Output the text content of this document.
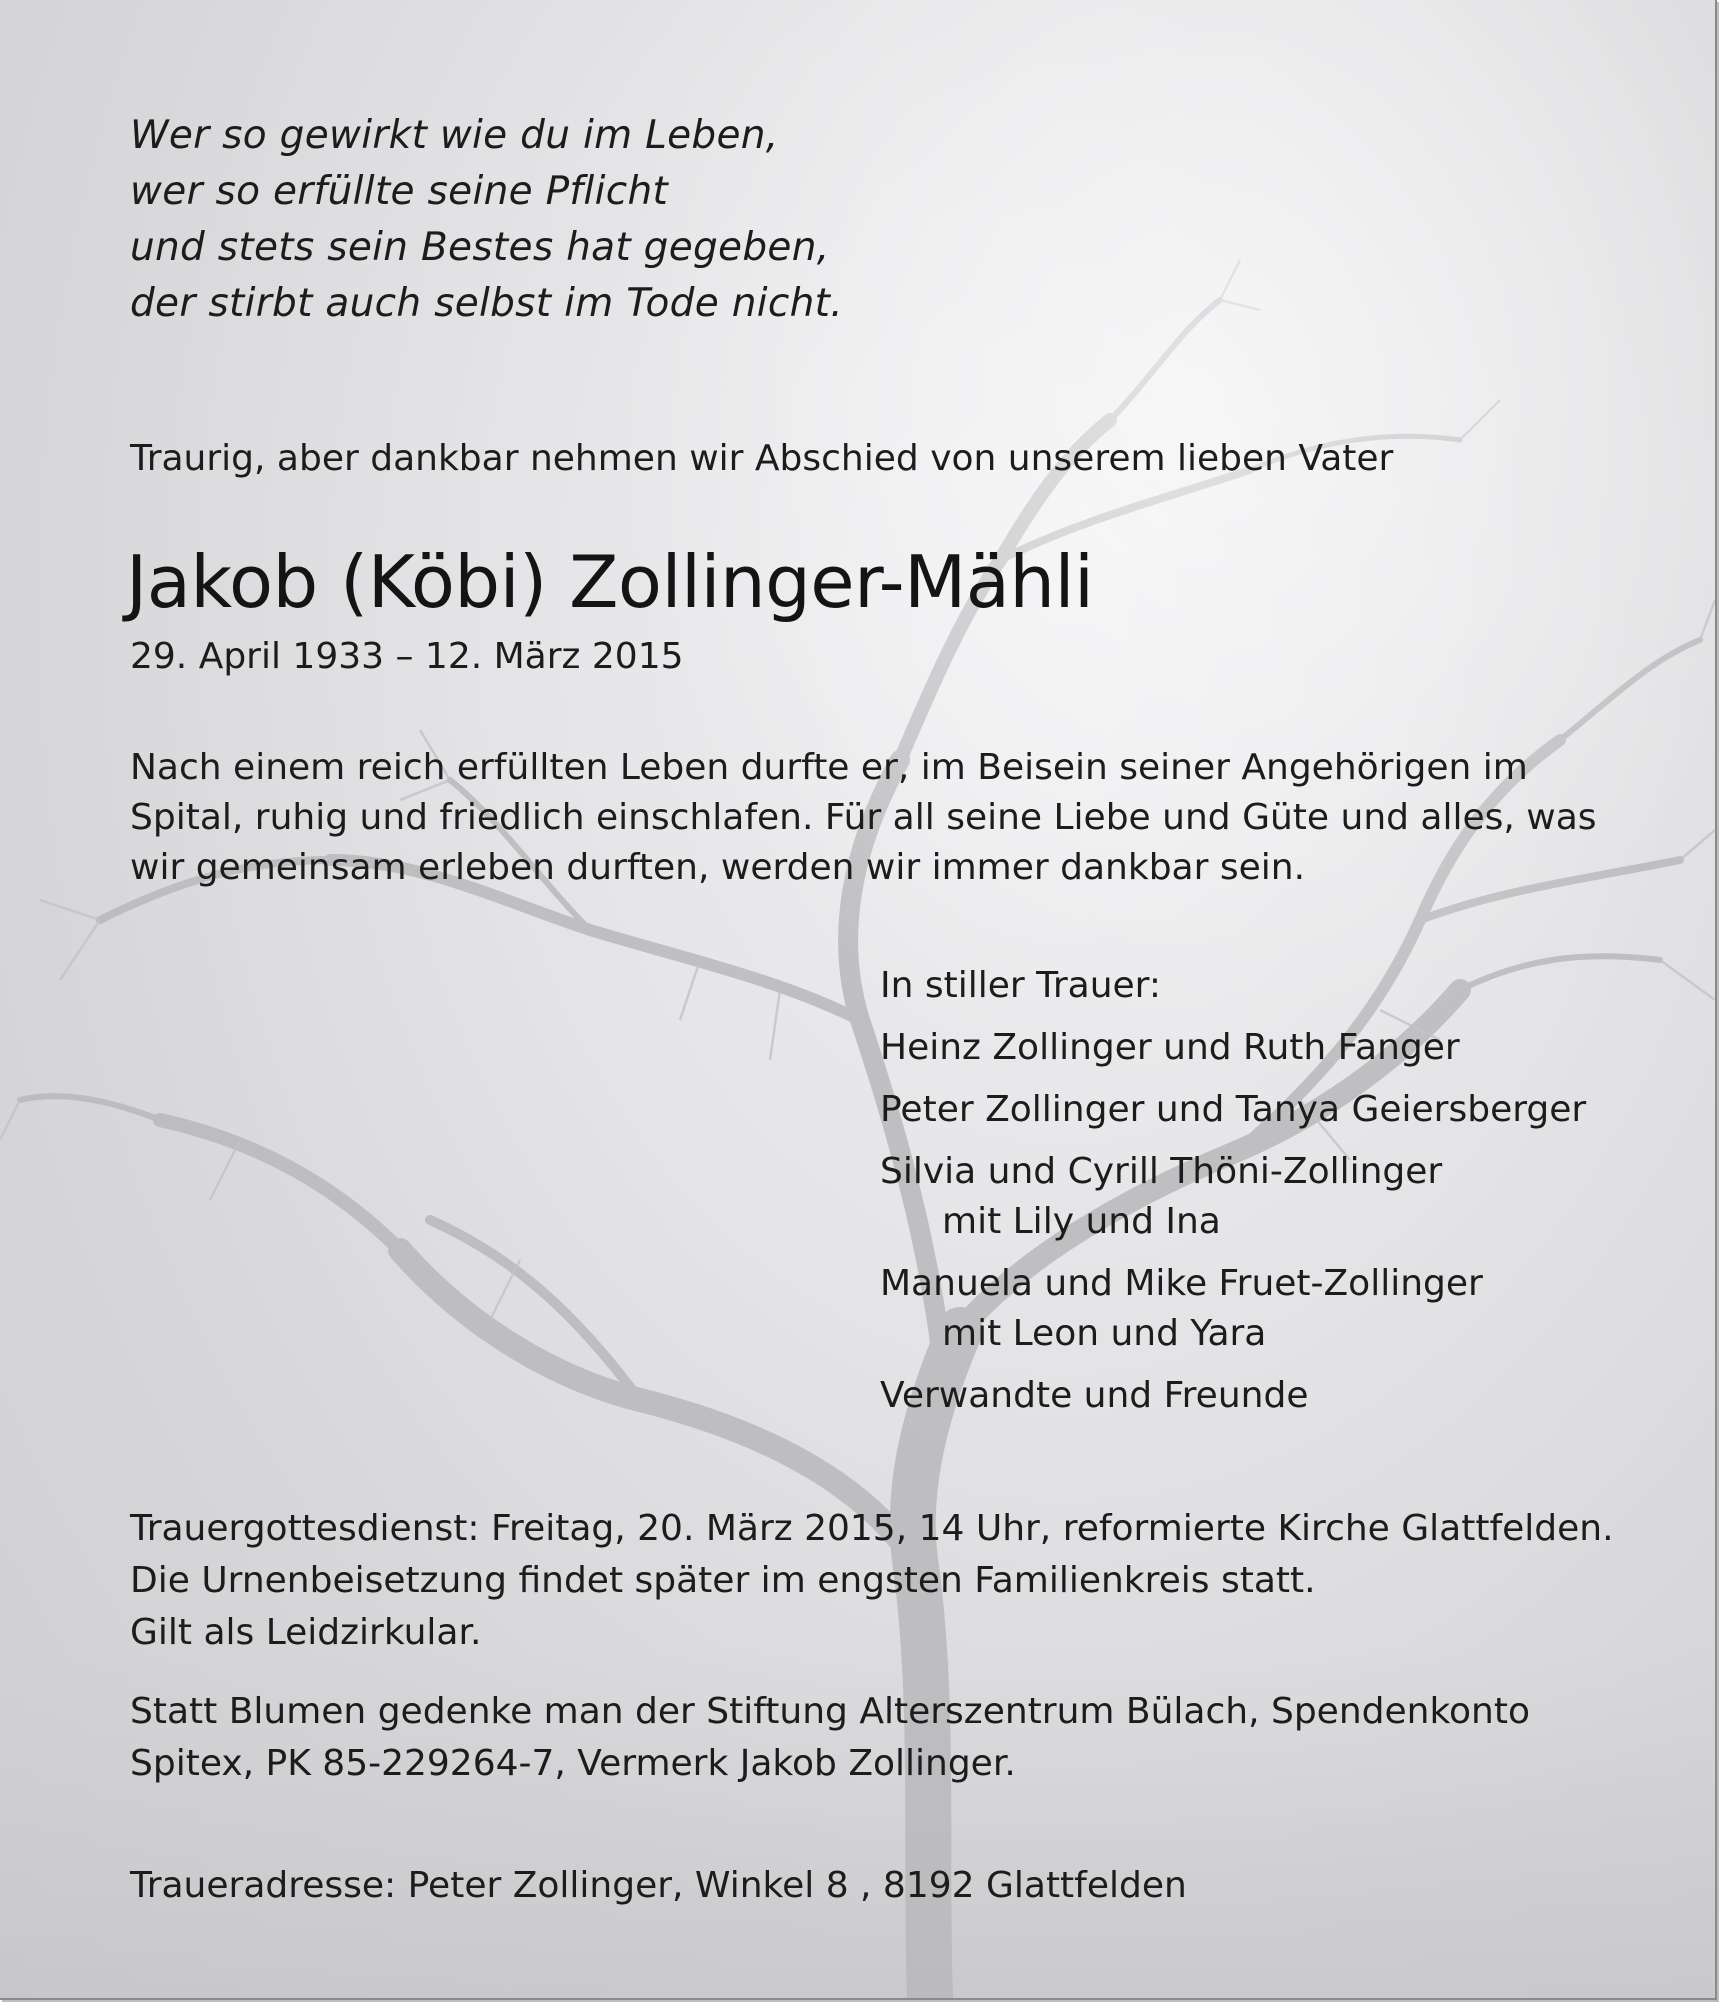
Wer so gewirkt wie du im Leben,
wer so erfüllte seine Pflicht
und stets sein Bestes hat gegeben,
der stirbt auch selbst im Tode nicht.
Traurig, aber dankbar nehmen wir Abschied von unserem lieben Vater
Jakob (Köbi) Zollinger-Mähli
29. April 1933 – 12. März 2015
Nach einem reich erfüllten Leben durfte er, im Beisein seiner Angehörigen im
Spital, ruhig und friedlich einschlafen. Für all seine Liebe und Güte und alles, was
wir gemeinsam erleben durften, werden wir immer dankbar sein.
In stiller Trauer:
Heinz Zollinger und Ruth Fanger
Peter Zollinger und Tanya Geiersberger
Silvia und Cyrill Thöni-Zollinger
mit Lily und Ina
Manuela und Mike Fruet-Zollinger
mit Leon und Yara
Verwandte und Freunde
Trauergottesdienst: Freitag, 20. März 2015, 14 Uhr, reformierte Kirche Glattfelden.
Die Urnenbeisetzung findet später im engsten Familienkreis statt.
Gilt als Leidzirkular.
Statt Blumen gedenke man der Stiftung Alterszentrum Bülach, Spendenkonto
Spitex, PK 85-229264-7, Vermerk Jakob Zollinger.
Traueradresse: Peter Zollinger, Winkel 8 , 8192 Glattfelden
